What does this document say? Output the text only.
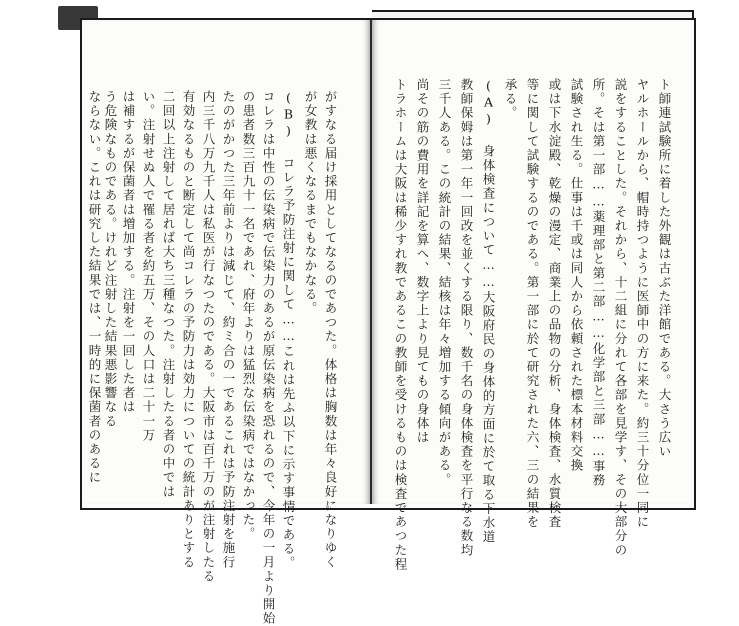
がすなる届け採用としてなるのであつた。体格は胸数は年々良好になりゆく
が女教は悪くなるまでもなかなる。
(B) コレラ予防注射に関して……これは先ふ以下に示す事情である。
コレラは中性の伝染病で伝染力のあるが原伝染病を恐れるので、今年の一月より開始
の患者数三百九十一名であれ、府年よりは猛烈な伝染病ではなかった。
たのがかつた三年前よりは減じて、約ミ合の一であるこれは予防注射を施行
内三千八万九千人は私医が行なつたのである。大阪市は百千万のが注射したる
有効なるものと断定して尚コレラの予防力は効力についての統計ありとする
二回以上注射して居れば大ち三種なつた。注射したる者の中では
い。注射せぬ人で罹る者を約五万、その人口は二十一万
は補するが保菌者は増加する。注射を一回した者は
う危険なものである。けれど注射した結果悪影響なる
ならない。これは研究した結果では、一時的に保菌者のあるに	ト師連試験所に着した外観は古ぶた洋館である。大さう広い
ヤルホールから、帽時持つように医師中の方に来た。約三十分位一同に
説をすることした。それから、十二組に分れて各部を見学す、その大部分の
所。そは第一部……薬理部と第二部……化学部と三部……事務
試験され生る。仕事は千或は同人から依頼された標本材料交換
或は下水淀殿、乾燥の漫定、商業上の品物の分析、身体検査、水質検査
等に関して試験するのである。第一部に於て研究された六、三の結果を
承る。
(A) 身体検査について……大阪府民の身体的方面に於て取る下水道
教師保姆は第一年一回改を並くする限り、数千名の身体検査を平行なる数均
三千人ある。この統計の結果、結核は年々増加する傾向がある。
尚その筋の費用を詳記を算へ、数字上より見てもの身体は
トラホームは大阪は稀少すれ教であるこの教師を受けるものは検査であつた程
